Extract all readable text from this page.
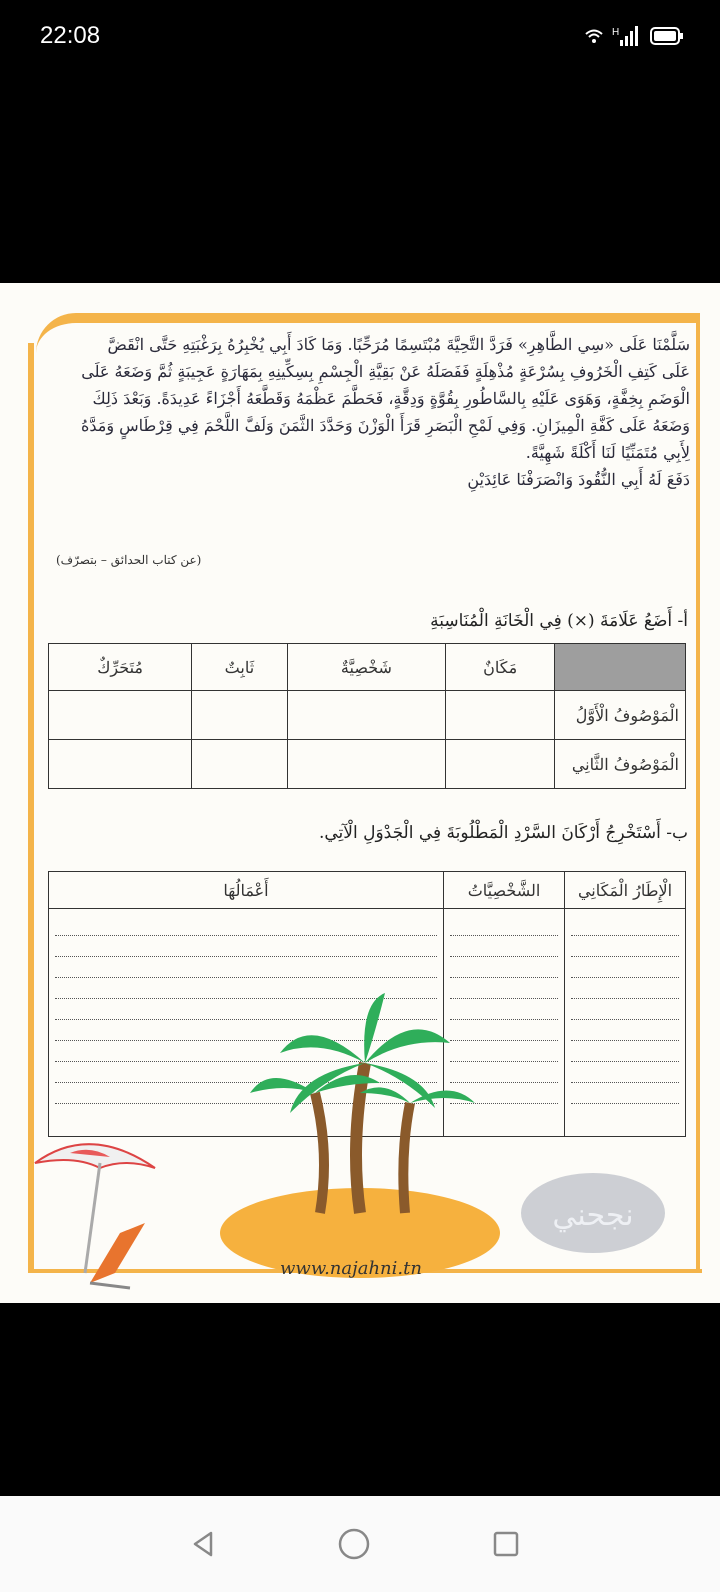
22:08	H

سَلَّمْنَا عَلَى «سِي الطَّاهِرِ» فَرَدَّ التَّحِيَّةَ مُبْتَسِمًا مُرَحِّبًا. وَمَا كَادَ أَبِي يُخْبِرُهُ بِرَغْبَتِهِ حَتَّى انْقَضَّ

عَلَى كَتِفِ الْخَرُوفِ بِسُرْعَةٍ مُذْهِلَةٍ فَفَصَلَهُ عَنْ بَقِيَّةِ الْجِسْمِ بِسِكِّينِهِ بِمَهَارَةٍ عَجِيبَةٍ ثُمَّ وَضَعَهُ عَلَى

الْوَضَمِ بِخِفَّةٍ، وَهَوَى عَلَيْهِ بِالسَّاطُورِ بِقُوَّةٍ وَدِقَّةٍ، فَحَطَّمَ عَظْمَهُ وَقَطَّعَهُ أَجْزَاءً عَدِيدَةً. وَبَعْدَ ذَلِكَ

وَضَعَهُ عَلَى كَفَّةِ الْمِيزَانِ. وَفِي لَمْحِ الْبَصَرِ قَرَأَ الْوَزْنَ وَحَدَّدَ الثَّمَنَ وَلَفَّ اللَّحْمَ فِي قِرْطَاسٍ وَمَدَّهُ

لِأَبِي مُتَمَنِّيًا لَنَا أَكْلَةً شَهِيَّةً.

دَفَعَ لَهُ أَبِي النُّقُودَ وَانْصَرَفْنَا عَائِدَيْنِ

(عن كتاب الحدائق – بتصرّف)
أ- أَضَعُ عَلَامَةَ (×) فِي الْخَانَةِ الْمُنَاسِبَةِ
	مَكَانٌ	شَخْصِيَّةٌ	ثَابِتٌ	مُتَحَرِّكٌ
الْمَوْصُوفُ الْأَوَّلُ				
الْمَوْصُوفُ الثَّانِي				
ب- أَسْتَخْرِجُ أَرْكَانَ السَّرْدِ الْمَطْلُوبَةَ فِي الْجَدْوَلِ الْآتِي.
الْإِطَارُ الْمَكَانِي	الشَّخْصِيَّاتُ	أَعْمَالُهَا

نجحني
www.najahni.tn
